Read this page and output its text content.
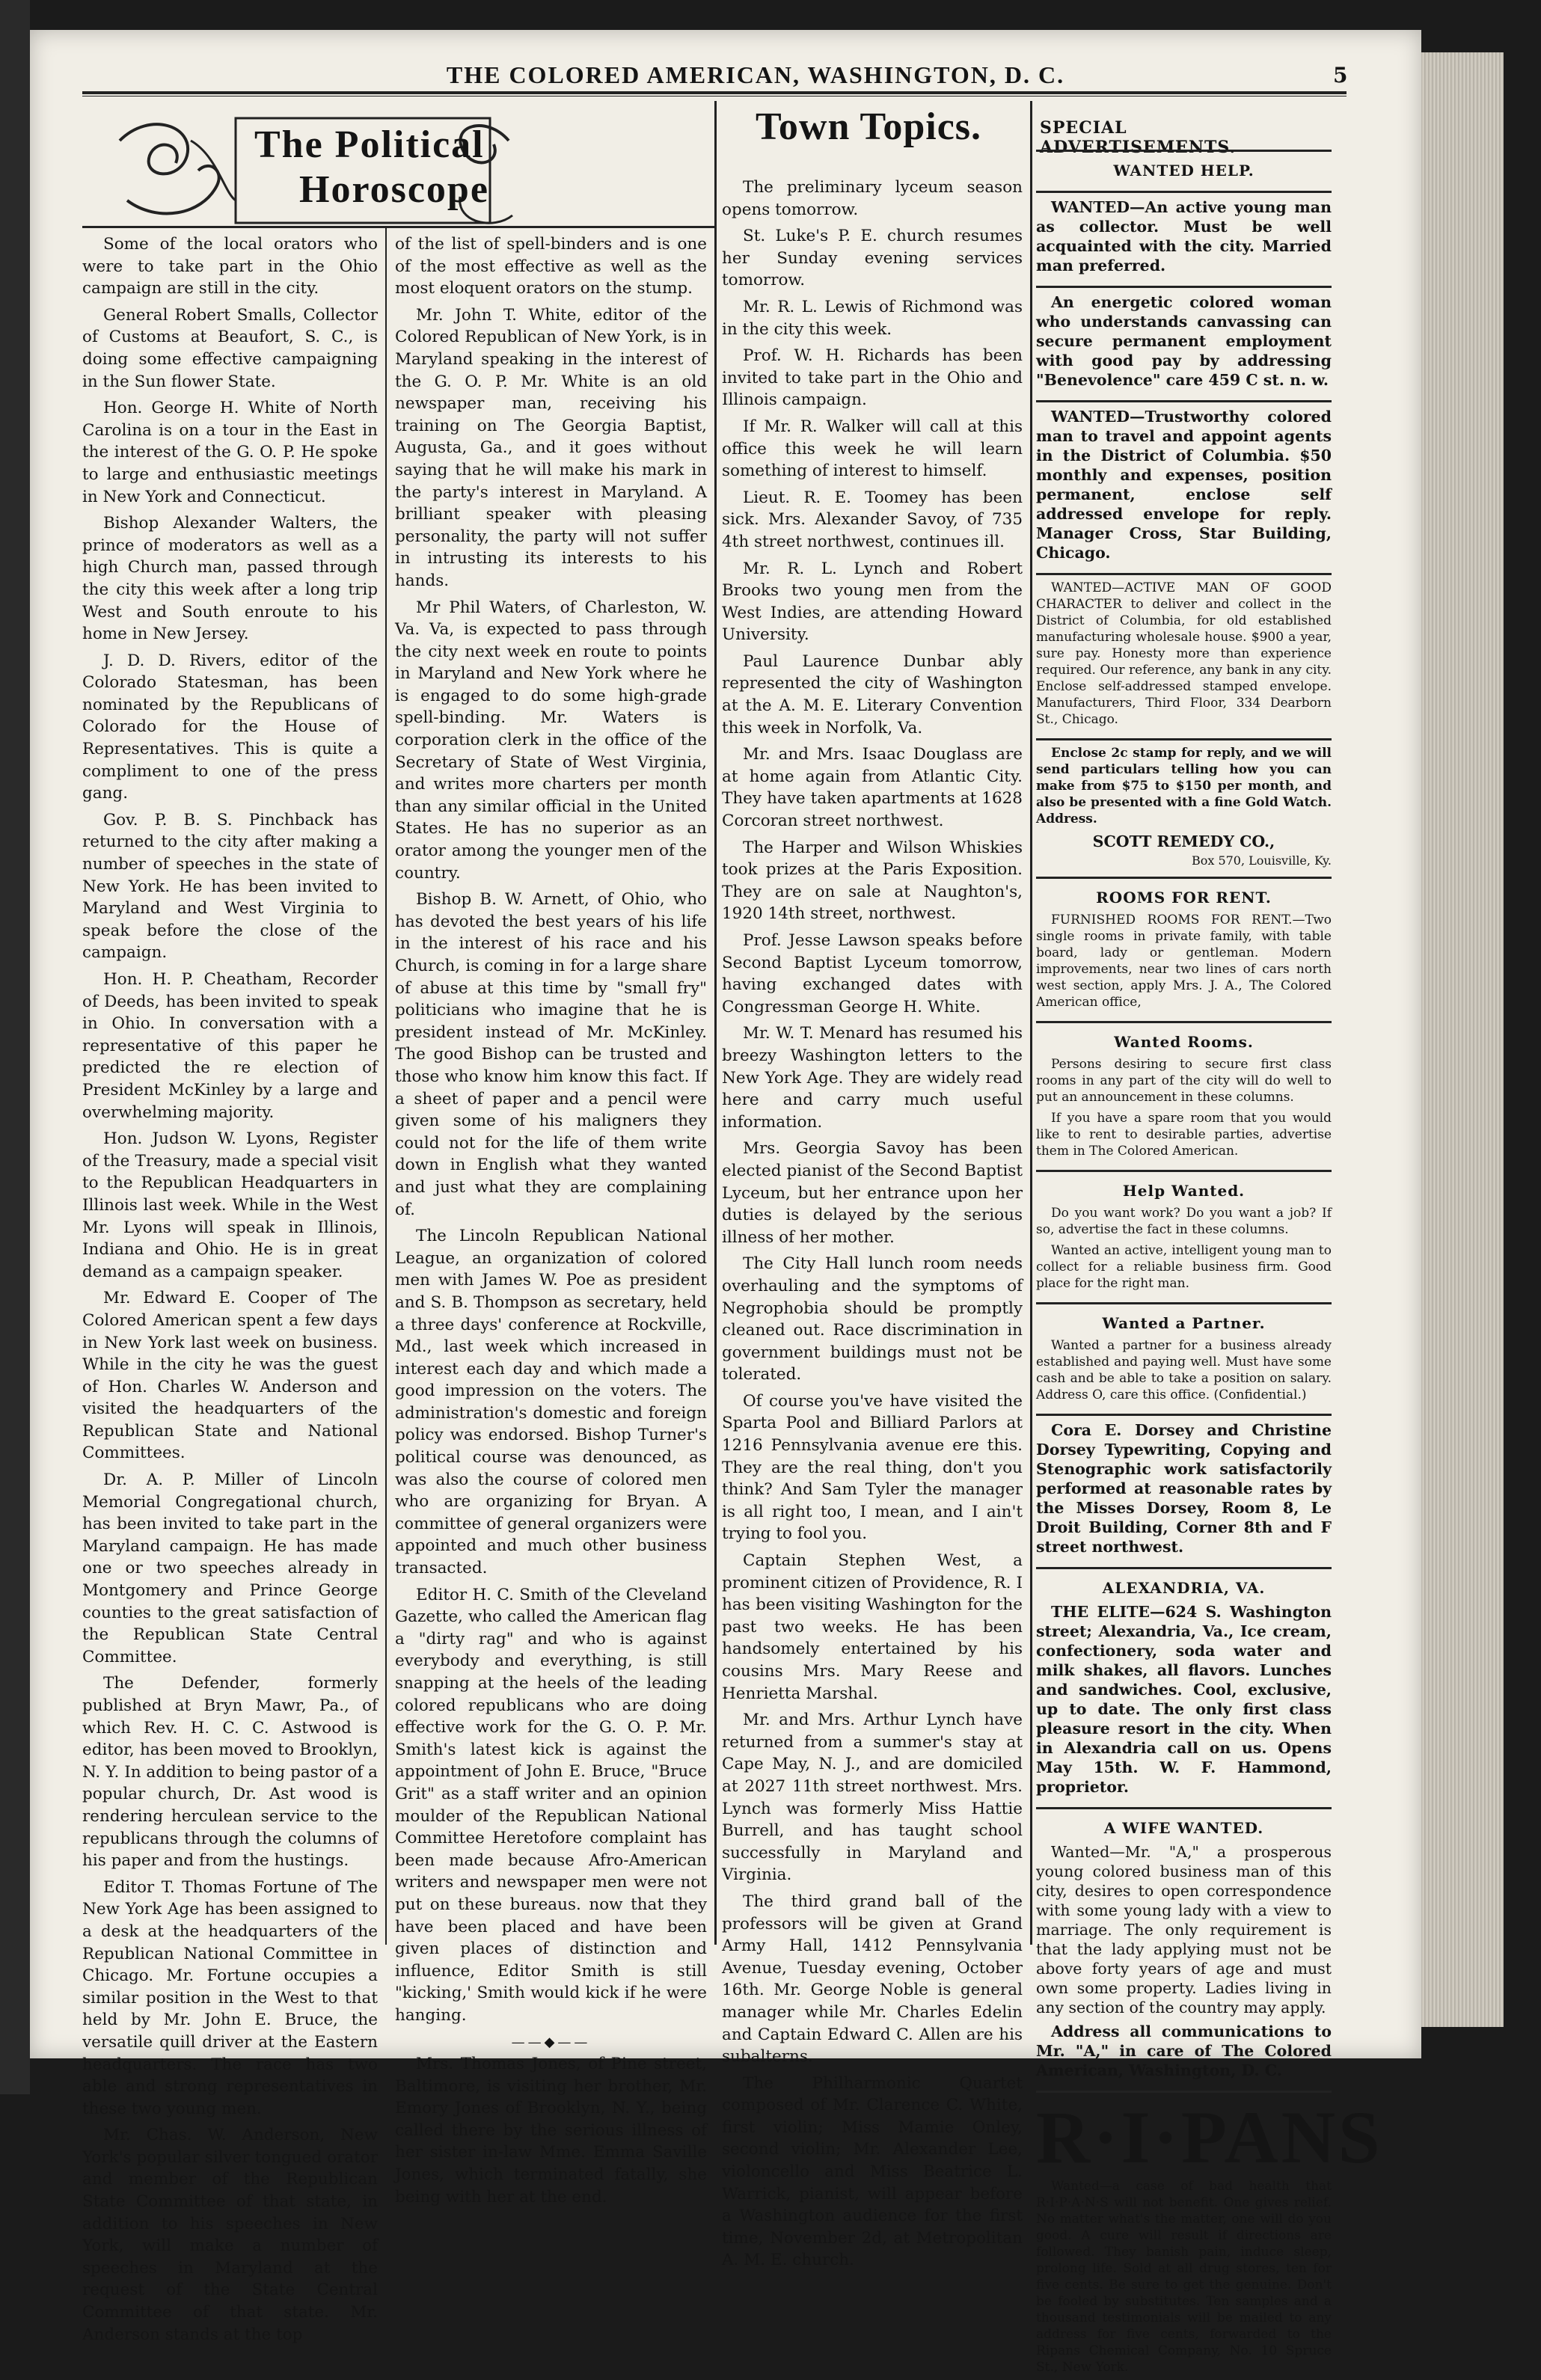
THE COLORED AMERICAN, WASHINGTON, D. C.	5
The Political
Horoscope

Some of the local orators who were to take part in the Ohio campaign are still in the city.

General Robert Smalls, Collector of Customs at Beaufort, S. C., is doing some effective campaigning in the Sun flower State.

Hon. George H. White of North Carolina is on a tour in the East in the interest of the G. O. P. He spoke to large and enthusiastic meetings in New York and Connecticut.

Bishop Alexander Walters, the prince of moderators as well as a high Church man, passed through the city this week after a long trip West and South enroute to his home in New Jersey.

J. D. D. Rivers, editor of the Colorado Statesman, has been nominated by the Republicans of Colorado for the House of Representatives. This is quite a compliment to one of the press gang.

Gov. P. B. S. Pinchback has returned to the city after making a number of speeches in the state of New York. He has been invited to Maryland and West Virginia to speak before the close of the campaign.

Hon. H. P. Cheatham, Recorder of Deeds, has been invited to speak in Ohio. In conversation with a representative of this paper he predicted the re election of President McKinley by a large and overwhelming majority.

Hon. Judson W. Lyons, Register of the Treasury, made a special visit to the Republican Headquarters in Illinois last week. While in the West Mr. Lyons will speak in Illinois, Indiana and Ohio. He is in great demand as a campaign speaker.

Mr. Edward E. Cooper of The Colored American spent a few days in New York last week on business. While in the city he was the guest of Hon. Charles W. Anderson and visited the headquarters of the Republican State and National Committees.

Dr. A. P. Miller of Lincoln Memorial Congregational church, has been invited to take part in the Maryland campaign. He has made one or two speeches already in Montgomery and Prince George counties to the great satisfaction of the Republican State Central Committee.

The Defender, formerly published at Bryn Mawr, Pa., of which Rev. H. C. C. Astwood is editor, has been moved to Brooklyn, N. Y. In addition to being pastor of a popular church, Dr. Ast wood is rendering herculean service to the republicans through the columns of his paper and from the hustings.

Editor T. Thomas Fortune of The New York Age has been assigned to a desk at the headquarters of the Republican National Committee in Chicago. Mr. Fortune occupies a similar position in the West to that held by Mr. John E. Bruce, the versatile quill driver at the Eastern headquarters. The race has two able and strong representatives in these two young men.

Mr. Chas. W. Anderson, New York's popular silver tongued orator and member of the Republican State Committee of that state, in addition to his speeches in New York, will make a number of speeches in Maryland at the request of the State Central Committee of that state. Mr. Anderson stands at the top

of the list of spell-binders and is one of the most effective as well as the most eloquent orators on the stump.

Mr. John T. White, editor of the Colored Republican of New York, is in Maryland speaking in the interest of the G. O. P. Mr. White is an old newspaper man, receiving his training on The Georgia Baptist, Augusta, Ga., and it goes without saying that he will make his mark in the party's interest in Maryland. A brilliant speaker with pleasing personality, the party will not suffer in intrusting its interests to his hands.

Mr Phil Waters, of Charleston, W. Va. Va, is expected to pass through the city next week en route to points in Maryland and New York where he is engaged to do some high-grade spell-binding. Mr. Waters is corporation clerk in the office of the Secretary of State of West Virginia, and writes more charters per month than any similar official in the United States. He has no superior as an orator among the younger men of the country.

Bishop B. W. Arnett, of Ohio, who has devoted the best years of his life in the interest of his race and his Church, is coming in for a large share of abuse at this time by "small fry" politicians who imagine that he is president instead of Mr. McKinley. The good Bishop can be trusted and those who know him know this fact. If a sheet of paper and a pencil were given some of his maligners they could not for the life of them write down in English what they wanted and just what they are complaining of.

The Lincoln Republican National League, an organization of colored men with James W. Poe as president and S. B. Thompson as secretary, held a three days' conference at Rockville, Md., last week which increased in interest each day and which made a good impression on the voters. The administration's domestic and foreign policy was endorsed. Bishop Turner's political course was denounced, as was also the course of colored men who are organizing for Bryan. A committee of general organizers were appointed and much other business transacted.

Editor H. C. Smith of the Cleveland Gazette, who called the American flag a "dirty rag" and who is against everybody and everything, is still snapping at the heels of the leading colored republicans who are doing effective work for the G. O. P. Mr. Smith's latest kick is against the appointment of John E. Bruce, "Bruce Grit" as a staff writer and an opinion moulder of the Republican National Committee Heretofore complaint has been made because Afro-American writers and newspaper men were not put on these bureaus. now that they have been placed and have been given places of distinction and influence, Editor Smith is still "kicking,' Smith would kick if he were hanging.

——◆——

Mrs. Thomas Jones, of Pine street, Baltimore, is visiting her brother, Mr. Emory Jones of Brooklyn, N. Y., being called there by the serious illness of her sister in-law Mme. Emma Saville Jones, which terminated fatally, she being with her at the end.

Town Topics.

The preliminary lyceum season opens tomorrow.

St. Luke's P. E. church resumes her Sunday evening services tomorrow.

Mr. R. L. Lewis of Richmond was in the city this week.

Prof. W. H. Richards has been invited to take part in the Ohio and Illinois campaign.

If Mr. R. Walker will call at this office this week he will learn something of interest to himself.

Lieut. R. E. Toomey has been sick. Mrs. Alexander Savoy, of 735 4th street northwest, continues ill.

Mr. R. L. Lynch and Robert Brooks two young men from the West Indies, are attending Howard University.

Paul Laurence Dunbar ably represented the city of Washington at the A. M. E. Literary Convention this week in Norfolk, Va.

Mr. and Mrs. Isaac Douglass are at home again from Atlantic City. They have taken apartments at 1628 Corcoran street northwest.

The Harper and Wilson Whiskies took prizes at the Paris Exposition. They are on sale at Naughton's, 1920 14th street, northwest.

Prof. Jesse Lawson speaks before Second Baptist Lyceum tomorrow, having exchanged dates with Congressman George H. White.

Mr. W. T. Menard has resumed his breezy Washington letters to the New York Age. They are widely read here and carry much useful information.

Mrs. Georgia Savoy has been elected pianist of the Second Baptist Lyceum, but her entrance upon her duties is delayed by the serious illness of her mother.

The City Hall lunch room needs overhauling and the symptoms of Negrophobia should be promptly cleaned out. Race discrimination in government buildings must not be tolerated.

Of course you've have visited the Sparta Pool and Billiard Parlors at 1216 Pennsylvania avenue ere this. They are the real thing, don't you think? And Sam Tyler the manager is all right too, I mean, and I ain't trying to fool you.

Captain Stephen West, a prominent citizen of Providence, R. I has been visiting Washington for the past two weeks. He has been handsomely entertained by his cousins Mrs. Mary Reese and Henrietta Marshal.

Mr. and Mrs. Arthur Lynch have returned from a summer's stay at Cape May, N. J., and are domiciled at 2027 11th street northwest. Mrs. Lynch was formerly Miss Hattie Burrell, and has taught school successfully in Maryland and Virginia.

The third grand ball of the professors will be given at Grand Army Hall, 1412 Pennsylvania Avenue, Tuesday evening, October 16th. Mr. George Noble is general manager while Mr. Charles Edelin and Captain Edward C. Allen are his subalterns.

The Philharmonic Quartet composed of Mr. Clarence C. White, first violin; Miss Mamie Onley, second violin; Mr. Alexander Lee, violoncello and Miss Beatrice L. Warrick, pianist, will appear before a Washington audience for the first time, November 2d, at Metropolitan A. M. E. church.

SPECIAL ADVERTISEMENTS.
WANTED HELP.

WANTED—An active young man as collector. Must be well acquainted with the city. Married man preferred.

An energetic colored woman who understands canvassing can secure permanent employment with good pay by addressing "Benevolence" care 459 C st. n. w.

WANTED—Trustworthy colored man to travel and appoint agents in the District of Columbia. $50 monthly and expenses, position permanent, enclose self addressed envelope for reply. Manager Cross, Star Building, Chicago.

WANTED—ACTIVE MAN OF GOOD CHARACTER to deliver and collect in the District of Columbia, for old established manufacturing wholesale house. $900 a year, sure pay. Honesty more than experience required. Our reference, any bank in any city. Enclose self-addressed stamped envelope. Manufacturers, Third Floor, 334 Dearborn St., Chicago.

Enclose 2c stamp for reply, and we will send particulars telling how you can make from $75 to $150 per month, and also be presented with a fine Gold Watch. Address.

SCOTT REMEDY CO.,
Box 570, Louisville, Ky.
ROOMS FOR RENT.

FURNISHED ROOMS FOR RENT.—Two single rooms in private family, with table board, lady or gentleman. Modern improvements, near two lines of cars north west section, apply Mrs. J. A., The Colored American office,

Wanted Rooms.

Persons desiring to secure first class rooms in any part of the city will do well to put an announcement in these columns.

If you have a spare room that you would like to rent to desirable parties, advertise them in The Colored American.

Help Wanted.

Do you want work? Do you want a job? If so, advertise the fact in these columns.

Wanted an active, intelligent young man to collect for a reliable business firm. Good place for the right man.

Wanted a Partner.

Wanted a partner for a business already established and paying well. Must have some cash and be able to take a position on salary. Address O, care this office. (Confidential.)

Cora E. Dorsey and Christine Dorsey Typewriting, Copying and Stenographic work satisfactorily performed at reasonable rates by the Misses Dorsey, Room 8, Le Droit Building, Corner 8th and F street northwest.

ALEXANDRIA, VA.

THE ELITE—624 S. Washington street; Alexandria, Va., Ice cream, confectionery, soda water and milk shakes, all flavors. Lunches and sandwiches. Cool, exclusive, up to date. The only first class pleasure resort in the city. When in Alexandria call on us. Opens May 15th. W. F. Hammond, proprietor.

A WIFE WANTED.

Wanted—Mr. "A," a prosperous young colored business man of this city, desires to open correspondence with some young lady with a view to marriage. The only requirement is that the lady applying must not be above forty years of age and must own some property. Ladies living in any section of the country may apply.

Address all communications to Mr. "A," in care of The Colored American, Washington, D. C.

R·I·PANS

Wanted—a case of bad health that R·I·P·A·N·S will not benefit. One gives relief. No matter what's the matter, one will do you good. A cure will result if directions are followed. They banish pain, induce sleep, prolong life. Sold at all drug stores, ten for five cents. Be sure to get the genuine. Don't be fooled by substitutes. Ten samples and a thousand testimonials will be mailed to any address for five cents, forwarded to the Ripans Chemical Company, No. 10 Spruce St., New York.
